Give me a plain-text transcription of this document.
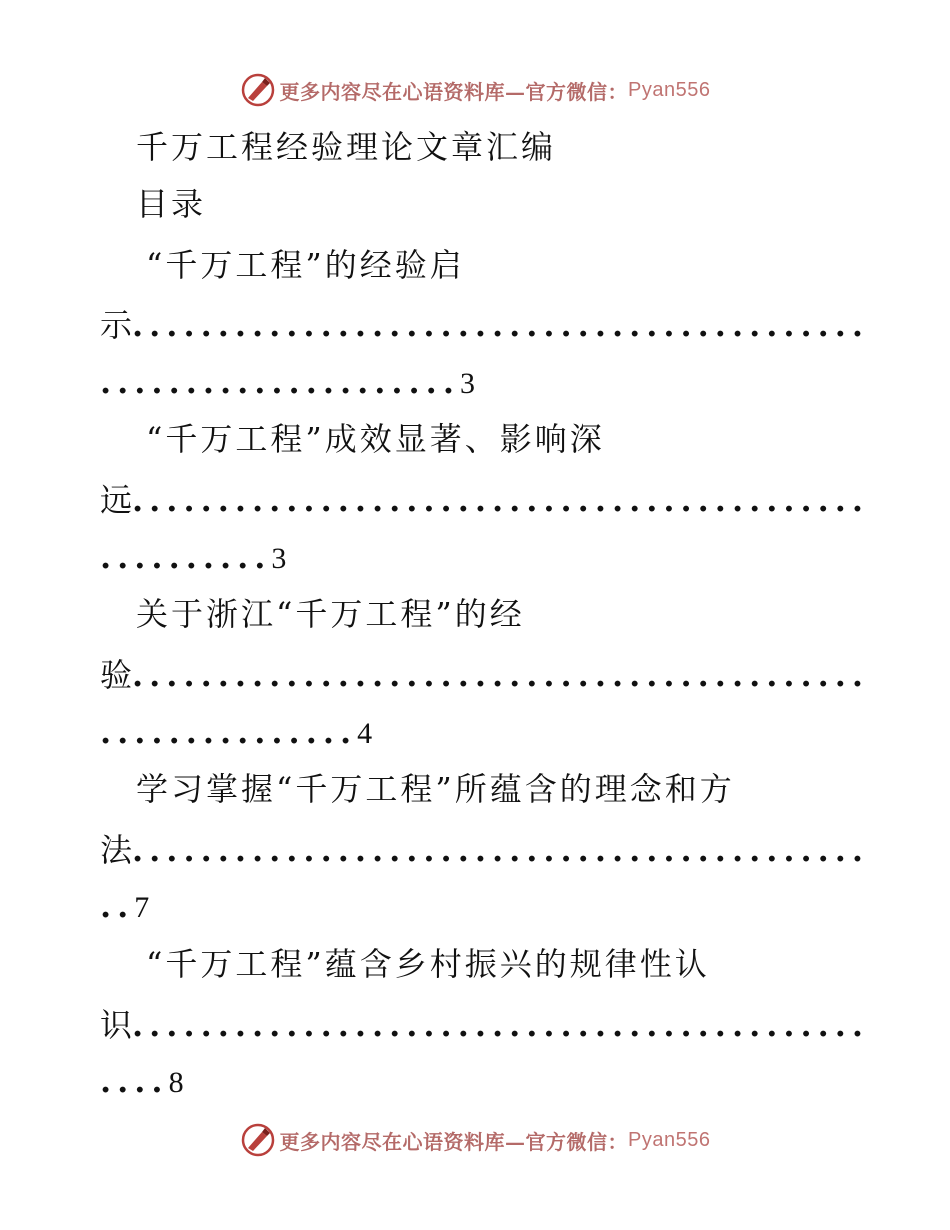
更多内容尽在心语资料库—官方微信： Pyan556
千万工程经验理论文章汇编
目录
“千万工程”的经验启
示...........................................
.....................3
“千万工程”成效显著、影响深
远...........................................
..........3
关于浙江“千万工程”的经
验...........................................
...............4
学习掌握“千万工程”所蕴含的理念和方
法...........................................
..7
“千万工程”蕴含乡村振兴的规律性认
识...........................................
....8
更多内容尽在心语资料库—官方微信： Pyan556
